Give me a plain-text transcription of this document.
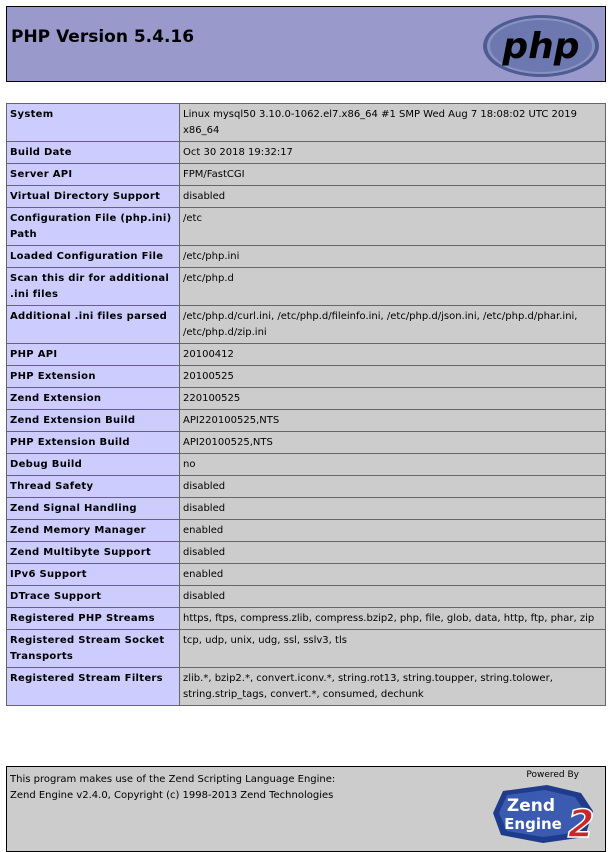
PHP Version 5.4.16	php
System	Linux mysql50 3.10.0-1062.el7.x86_64 #1 SMP Wed Aug 7 18:08:02 UTC 2019 x86_64
Build Date	Oct 30 2018 19:32:17
Server API	FPM/FastCGI
Virtual Directory Support	disabled
Configuration File (php.ini) Path	/etc
Loaded Configuration File	/etc/php.ini
Scan this dir for additional .ini files	/etc/php.d
Additional .ini files parsed	/etc/php.d/curl.ini, /etc/php.d/fileinfo.ini, /etc/php.d/json.ini, /etc/php.d/phar.ini, /etc/php.d/zip.ini
PHP API	20100412
PHP Extension	20100525
Zend Extension	220100525
Zend Extension Build	API220100525,NTS
PHP Extension Build	API20100525,NTS
Debug Build	no
Thread Safety	disabled
Zend Signal Handling	disabled
Zend Memory Manager	enabled
Zend Multibyte Support	disabled
IPv6 Support	enabled
DTrace Support	disabled
Registered PHP Streams	https, ftps, compress.zlib, compress.bzip2, php, file, glob, data, http, ftp, phar, zip
Registered Stream Socket Transports	tcp, udp, unix, udg, ssl, sslv3, tls
Registered Stream Filters	zlib.*, bzip2.*, convert.iconv.*, string.rot13, string.toupper, string.tolower, string.strip_tags, convert.*, consumed, dechunk
This program makes use of the Zend Scripting Language Engine:
Zend Engine v2.4.0, Copyright (c) 1998-2013 Zend Technologies
Powered By
Zend
Engine 2
